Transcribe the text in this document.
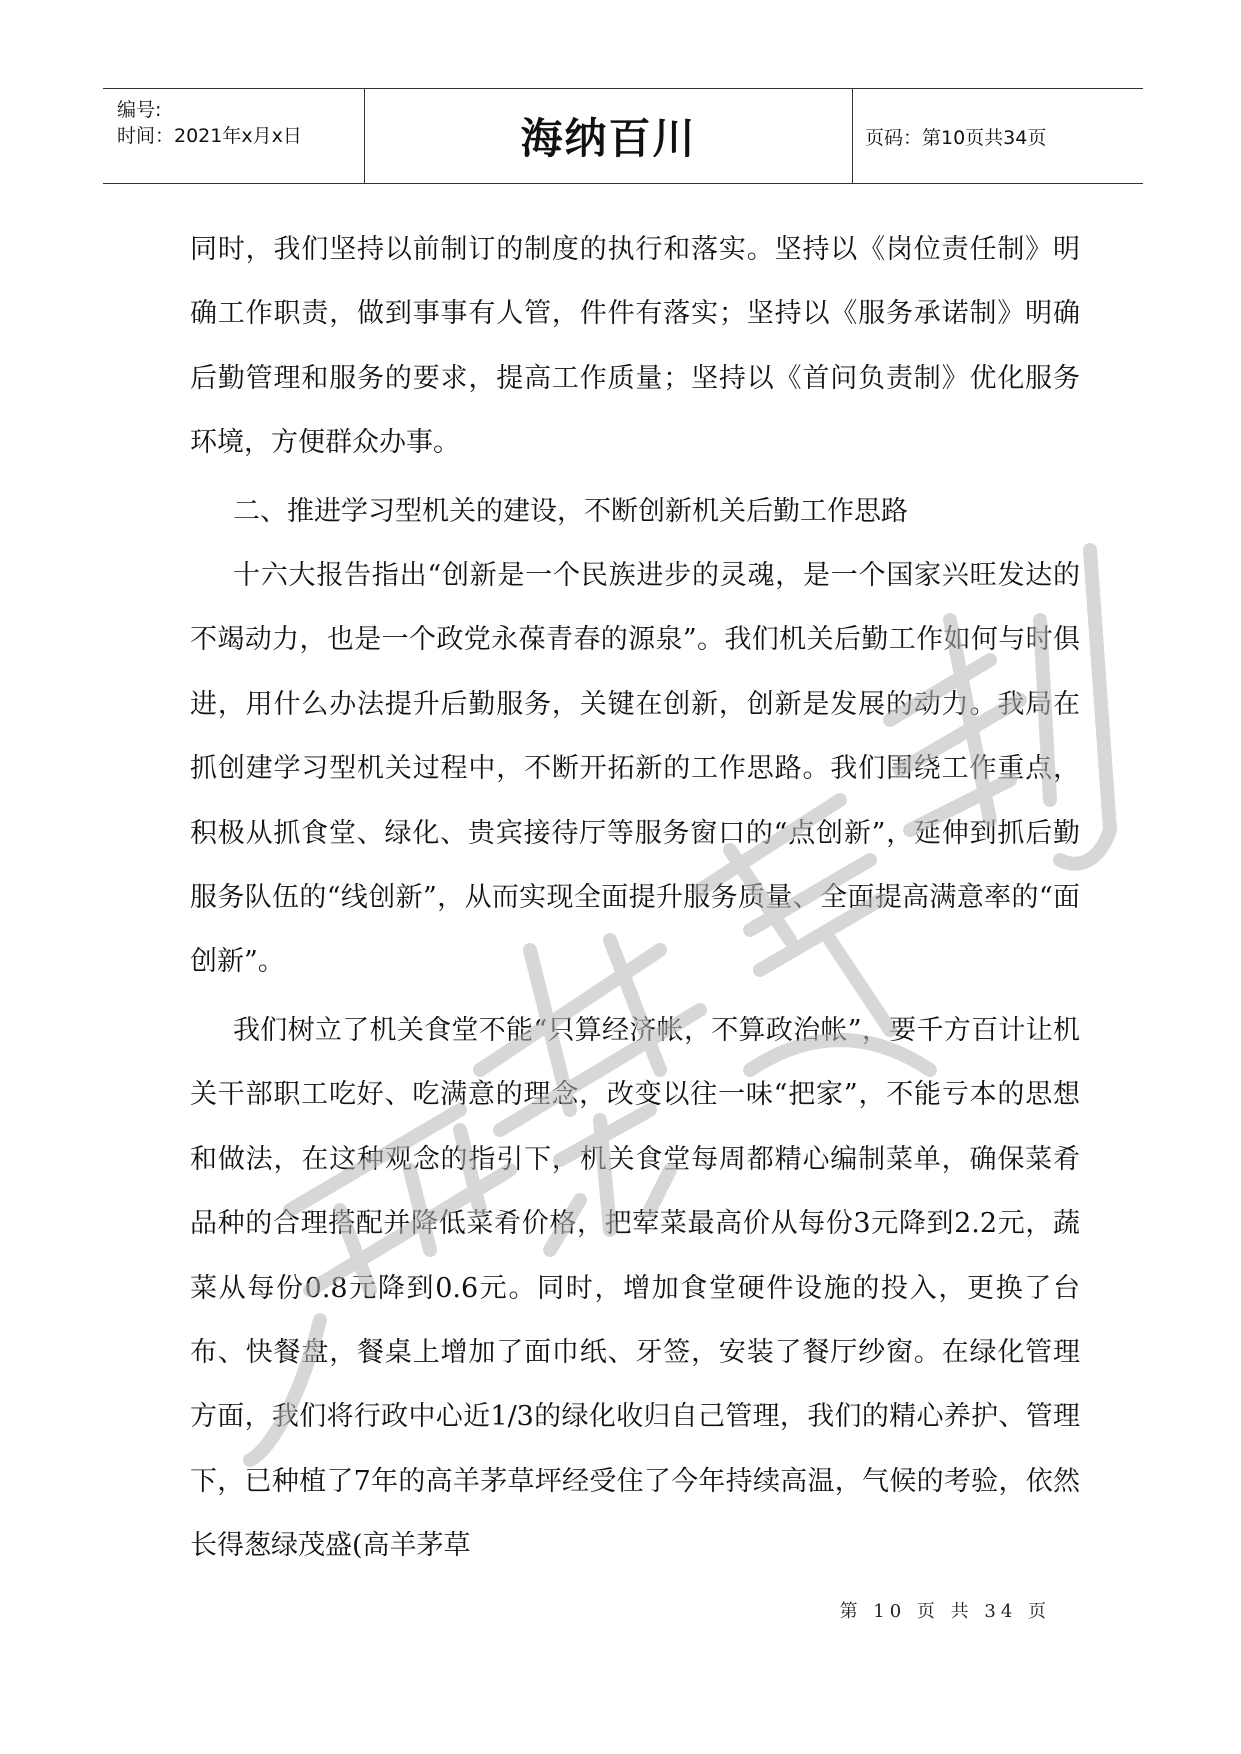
编号:
时间：2021年x月x日	海纳百川	页码：第10页共34页

同时，我们坚持以前制订的制度的执行和落实。坚持以《岗位责任制》明确工作职责，做到事事有人管，件件有落实；坚持以《服务承诺制》明确后勤管理和服务的要求，提高工作质量；坚持以《首问负责制》优化服务环境，方便群众办事。

二、推进学习型机关的建设，不断创新机关后勤工作思路

十六大报告指出“创新是一个民族进步的灵魂，是一个国家兴旺发达的不竭动力，也是一个政党永葆青春的源泉”。我们机关后勤工作如何与时俱进，用什么办法提升后勤服务，关键在创新，创新是发展的动力。我局在抓创建学习型机关过程中，不断开拓新的工作思路。我们围绕工作重点，积极从抓食堂、绿化、贵宾接待厅等服务窗口的“点创新”，延伸到抓后勤服务队伍的“线创新”，从而实现全面提升服务质量、全面提高满意率的“面创新”。

我们树立了机关食堂不能“只算经济帐，不算政治帐”，要千方百计让机关干部职工吃好、吃满意的理念，改变以往一味“把家”，不能亏本的思想和做法，在这种观念的指引下，机关食堂每周都精心编制菜单，确保菜肴品种的合理搭配并降低菜肴价格，把荤菜最高价从每份3元降到2.2元，蔬菜从每份0.8元降到0.6元。同时，增加食堂硬件设施的投入，更换了台布、快餐盘，餐桌上增加了面巾纸、牙签，安装了餐厅纱窗。在绿化管理方面，我们将行政中心近1/3的绿化收归自己管理，我们的精心养护、管理下，已种植了7年的高羊茅草坪经受住了今年持续高温，气候的考验，依然长得葱绿茂盛(高羊茅草

第 10 页 共 34 页
